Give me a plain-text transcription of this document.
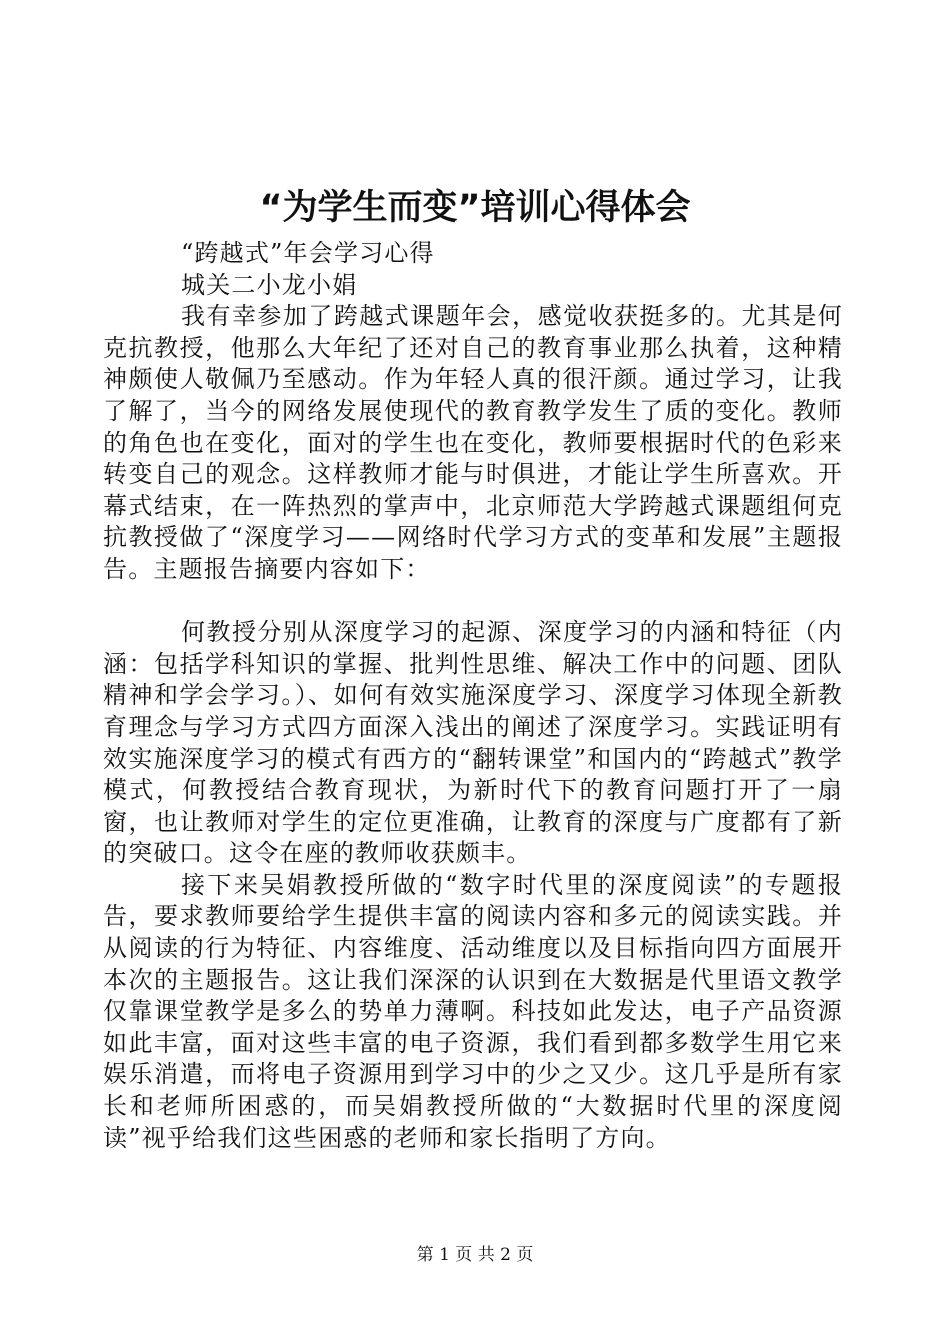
“为学生而变”培训心得体会

“跨越式”年会学习心得

城关二小龙小娟

我有幸参加了跨越式课题年会，感觉收获挺多的。尤其是何克抗教授，他那么大年纪了还对自己的教育事业那么执着，这种精神颇使人敬佩乃至感动。作为年轻人真的很汗颜。通过学习，让我了解了，当今的网络发展使现代的教育教学发生了质的变化。教师的角色也在变化，面对的学生也在变化，教师要根据时代的色彩来转变自己的观念。这样教师才能与时俱进，才能让学生所喜欢。开幕式结束，在一阵热烈的掌声中，北京师范大学跨越式课题组何克抗教授做了“深度学习——网络时代学习方式的变革和发展”主题报告。主题报告摘要内容如下：

何教授分别从深度学习的起源、深度学习的内涵和特征（内涵：包括学科知识的掌握、批判性思维、解决工作中的问题、团队精神和学会学习。）、如何有效实施深度学习、深度学习体现全新教育理念与学习方式四方面深入浅出的阐述了深度学习。实践证明有效实施深度学习的模式有西方的“翻转课堂”和国内的“跨越式”教学模式，何教授结合教育现状，为新时代下的教育问题打开了一扇窗，也让教师对学生的定位更准确，让教育的深度与广度都有了新的突破口。这令在座的教师收获颇丰。

接下来吴娟教授所做的“数字时代里的深度阅读”的专题报告，要求教师要给学生提供丰富的阅读内容和多元的阅读实践。并从阅读的行为特征、内容维度、活动维度以及目标指向四方面展开本次的主题报告。这让我们深深的认识到在大数据是代里语文教学仅靠课堂教学是多么的势单力薄啊。科技如此发达，电子产品资源如此丰富，面对这些丰富的电子资源，我们看到都多数学生用它来娱乐消遣，而将电子资源用到学习中的少之又少。这几乎是所有家长和老师所困惑的，而吴娟教授所做的“大数据时代里的深度阅读”视乎给我们这些困惑的老师和家长指明了方向。

第 1 页 共 2 页
